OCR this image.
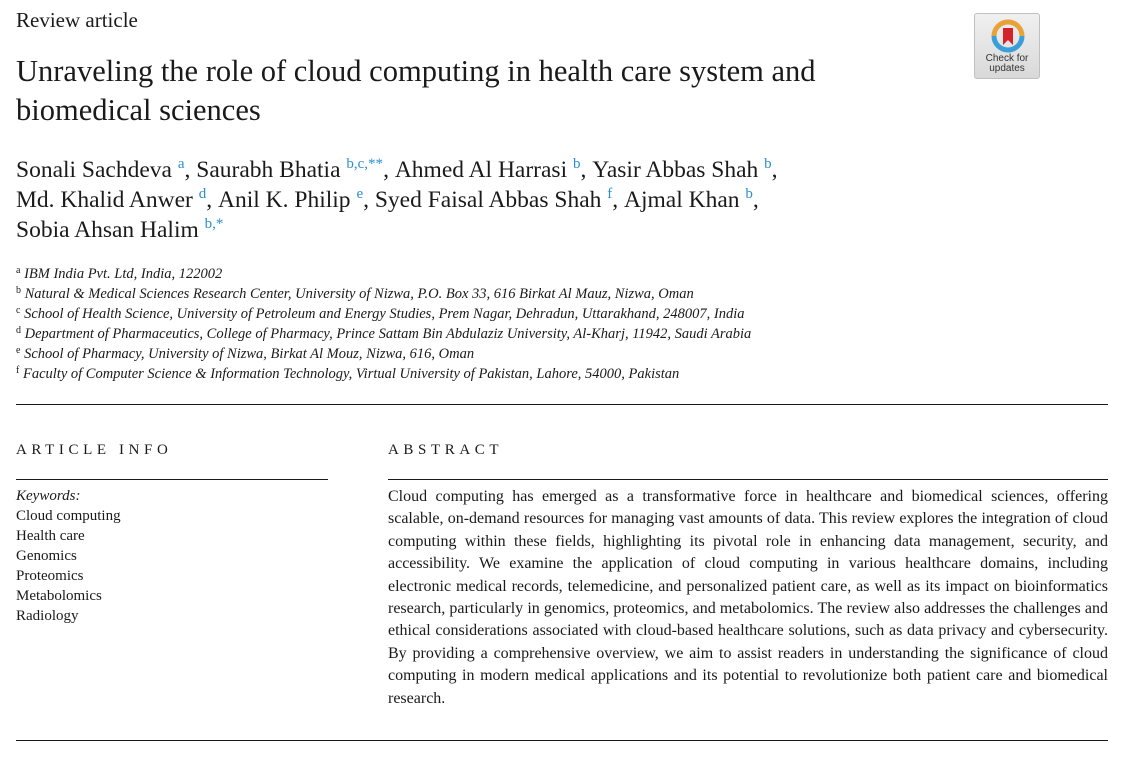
Review article
Unraveling the role of cloud computing in health care system and biomedical sciences
Check for
updates
Sonali Sachdeva $^a$, Saurabh Bhatia $^{b,c,**}$, Ahmed Al Harrasi $^b$, Yasir Abbas Shah $^b$,
Md. Khalid Anwer $^d$, Anil K. Philip $^e$, Syed Faisal Abbas Shah $^f$, Ajmal Khan $^b$,
Sobia Ahsan Halim $^{b,*}$
$^a$ IBM India Pvt. Ltd, India, 122002
$^b$ Natural & Medical Sciences Research Center, University of Nizwa, P.O. Box 33, 616 Birkat Al Mauz, Nizwa, Oman
$^c$ School of Health Science, University of Petroleum and Energy Studies, Prem Nagar, Dehradun, Uttarakhand, 248007, India
$^d$ Department of Pharmaceutics, College of Pharmacy, Prince Sattam Bin Abdulaziz University, Al-Kharj, 11942, Saudi Arabia
$^e$ School of Pharmacy, University of Nizwa, Birkat Al Mouz, Nizwa, 616, Oman
$^f$ Faculty of Computer Science & Information Technology, Virtual University of Pakistan, Lahore, 54000, Pakistan
ARTICLE INFO	ABSTRACT
Keywords:
Cloud computing
Health care
Genomics
Proteomics
Metabolomics
Radiology
Cloud computing has emerged as a transformative force in healthcare and biomedical sciences, offering scalable, on-demand resources for managing vast amounts of data. This review explores the integration of cloud computing within these fields, highlighting its pivotal role in enhancing data management, security, and accessibility. We examine the application of cloud computing in various healthcare domains, including electronic medical records, telemedicine, and personalized patient care, as well as its impact on bioinformatics research, particularly in genomics, proteomics, and metabolomics. The review also addresses the challenges and ethical considerations associated with cloud-based healthcare solutions, such as data privacy and cybersecurity. By providing a comprehensive overview, we aim to assist readers in understanding the significance of cloud computing in modern medical applications and its potential to revolutionize both patient care and biomedical research.
